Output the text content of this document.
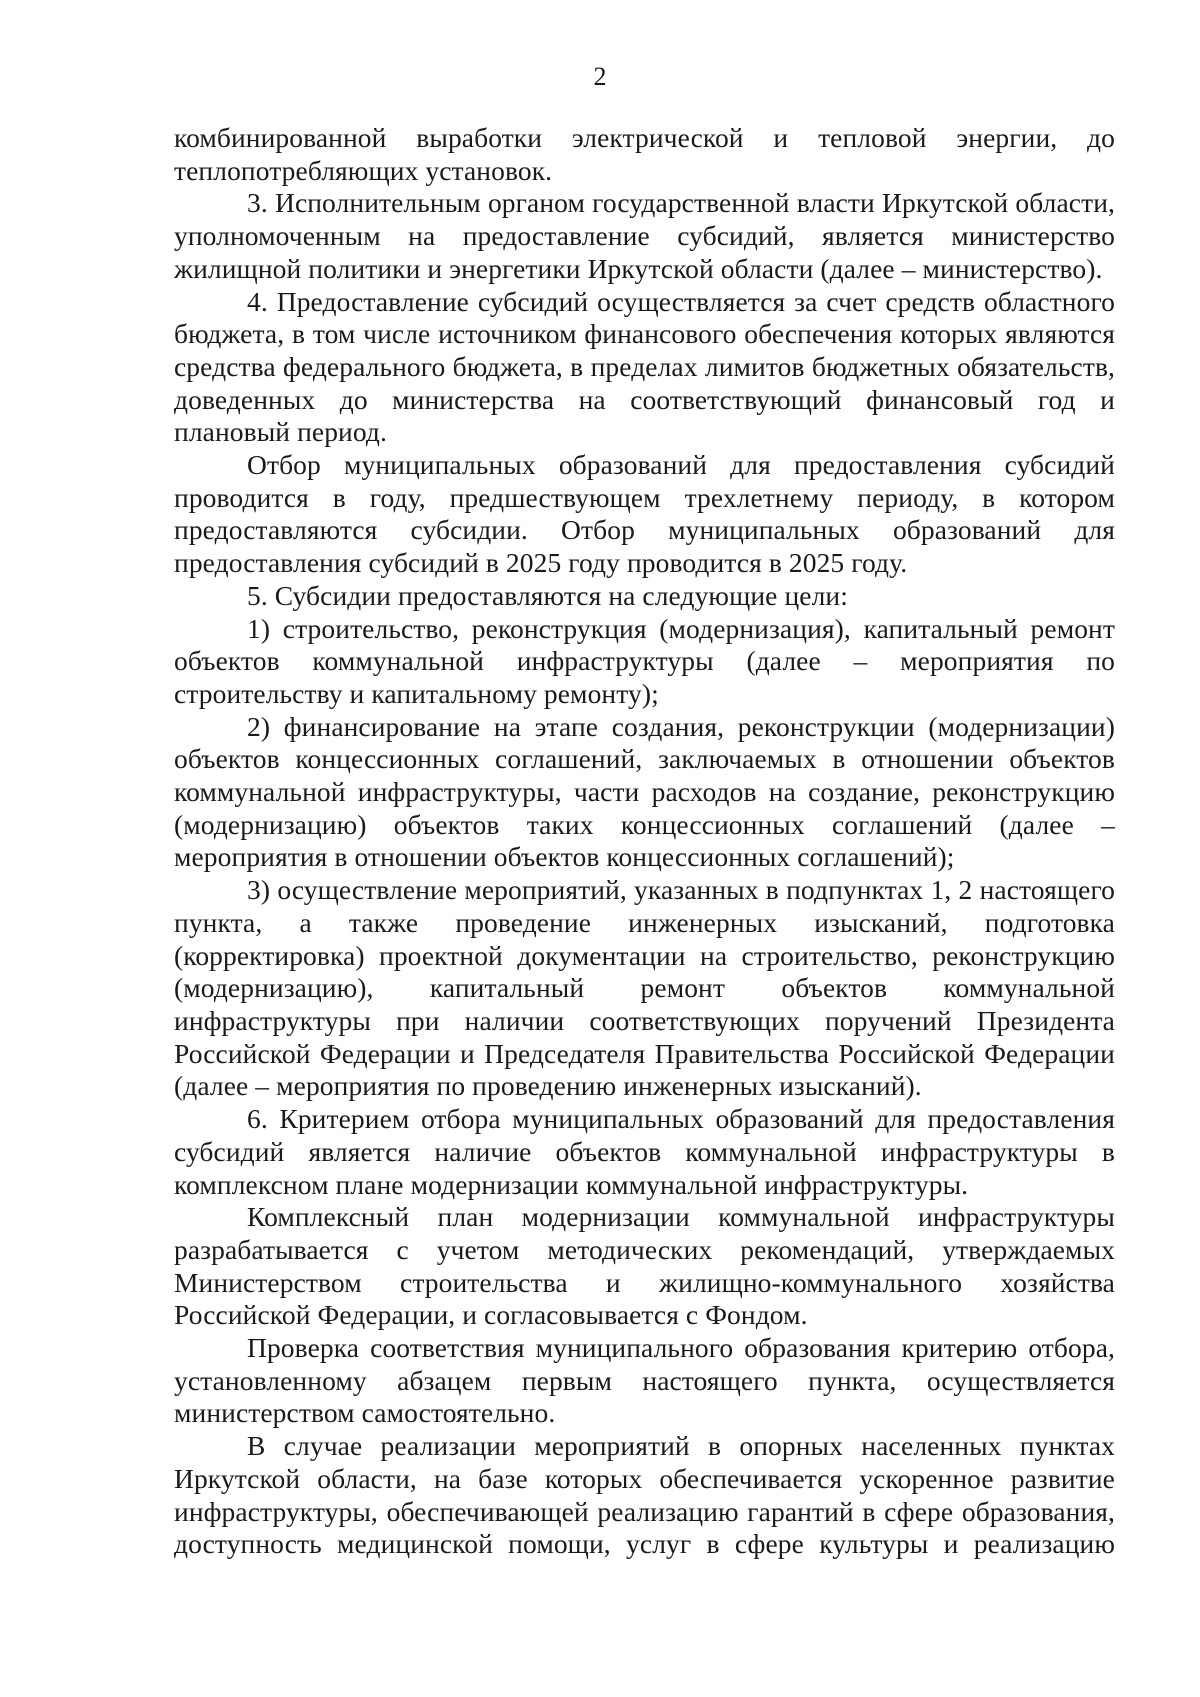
2

комбинированной выработки электрической и тепловой энергии, до теплопотребляющих установок.

3. Исполнительным органом государственной власти Иркутской области, уполномоченным на предоставление субсидий, является министерство жилищной политики и энергетики Иркутской области (далее – министерство).

4. Предоставление субсидий осуществляется за счет средств областного бюджета, в том числе источником финансового обеспечения которых являются средства федерального бюджета, в пределах лимитов бюджетных обязательств, доведенных до министерства на соответствующий финансовый год и плановый период.

Отбор муниципальных образований для предоставления субсидий проводится в году, предшествующем трехлетнему периоду, в котором предоставляются субсидии. Отбор муниципальных образований для предоставления субсидий в 2025 году проводится в 2025 году.

5. Субсидии предоставляются на следующие цели:

1) строительство, реконструкция (модернизация), капитальный ремонт объектов коммунальной инфраструктуры (далее – мероприятия по строительству и капитальному ремонту);

2) финансирование на этапе создания, реконструкции (модернизации) объектов концессионных соглашений, заключаемых в отношении объектов коммунальной инфраструктуры, части расходов на создание, реконструкцию (модернизацию) объектов таких концессионных соглашений (далее – мероприятия в отношении объектов концессионных соглашений);

3) осуществление мероприятий, указанных в подпунктах 1, 2 настоящего пункта, а также проведение инженерных изысканий, подготовка (корректировка) проектной документации на строительство, реконструкцию (модернизацию), капитальный ремонт объектов коммунальной инфраструктуры при наличии соответствующих поручений Президента Российской Федерации и Председателя Правительства Российской Федерации (далее – мероприятия по проведению инженерных изысканий).

6. Критерием отбора муниципальных образований для предоставления субсидий является наличие объектов коммунальной инфраструктуры в комплексном плане модернизации коммунальной инфраструктуры.

Комплексный план модернизации коммунальной инфраструктуры разрабатывается с учетом методических рекомендаций, утверждаемых Министерством строительства и жилищно-коммунального хозяйства Российской Федерации, и согласовывается с Фондом.

Проверка соответствия муниципального образования критерию отбора, установленному абзацем первым настоящего пункта, осуществляется министерством самостоятельно.

В случае реализации мероприятий в опорных населенных пунктах Иркутской области, на базе которых обеспечивается ускоренное развитие инфраструктуры, обеспечивающей реализацию гарантий в сфере образования, доступность медицинской помощи, услуг в сфере культуры и реализацию
